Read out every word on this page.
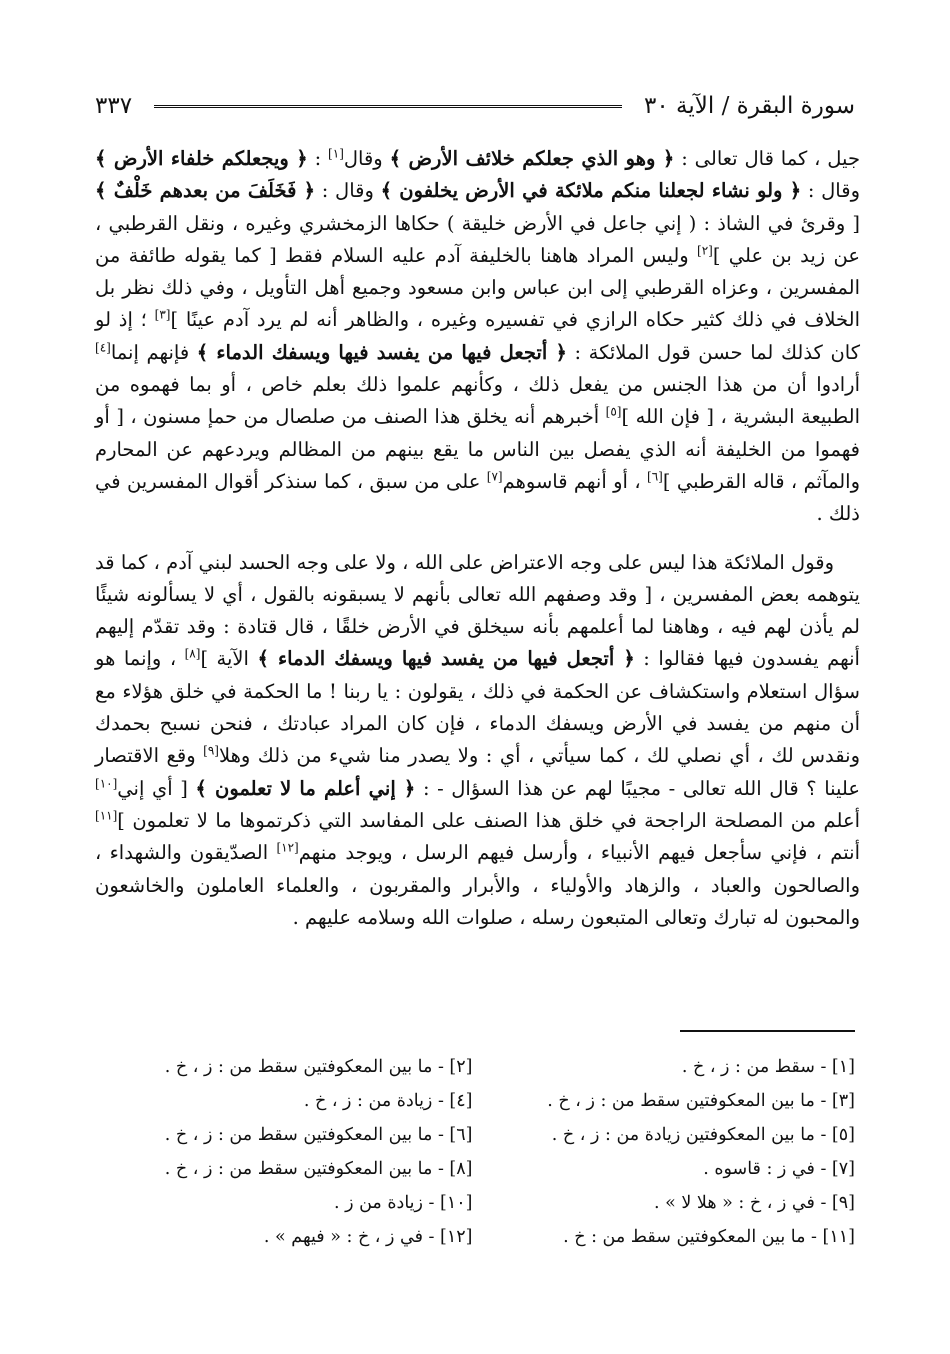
سورة البقرة / الآية ٣٠
٣٣٧

جيل ، كما قال تعالى : ﴿ وهو الذي جعلكم خلائف الأرض ﴾ وقال[١] : ﴿ ويجعلكم خلفاء الأرض ﴾ وقال : ﴿ ولو نشاء لجعلنا منكم ملائكة في الأرض يخلفون ﴾ وقال : ﴿ فَخَلَفَ من بعدهم خَلْفٌ ﴾ [ وقرئ في الشاذ : ( إني جاعل في الأرض خليقة ) حكاها الزمخشري وغيره ، ونقل القرطبي ، عن زيد بن علي ][٢] وليس المراد هاهنا بالخليفة آدم عليه السلام فقط [ كما يقوله طائفة من المفسرين ، وعزاه القرطبي إلى ابن عباس وابن مسعود وجميع أهل التأويل ، وفي ذلك نظر بل الخلاف في ذلك كثير حكاه الرازي في تفسيره وغيره ، والظاهر أنه لم يرد آدم عينًا ][٣] ؛ إذ لو كان كذلك لما حسن قول الملائكة : ﴿ أتجعل فيها من يفسد فيها ويسفك الدماء ﴾ فإنهم إنما[٤] أرادوا أن من هذا الجنس من يفعل ذلك ، وكأنهم علموا ذلك بعلم خاص ، أو بما فهموه من الطبيعة البشرية ، [ فإن الله ][٥] أخبرهم أنه يخلق هذا الصنف من صلصال من حمإ مسنون ، [ أو فهموا من الخليفة أنه الذي يفصل بين الناس ما يقع بينهم من المظالم ويردعهم عن المحارم والمآثم ، قاله القرطبي ][٦] ، أو أنهم قاسوهم[٧] على من سبق ، كما سنذكر أقوال المفسرين في ذلك .

وقول الملائكة هذا ليس على وجه الاعتراض على الله ، ولا على وجه الحسد لبني آدم ، كما قد يتوهمه بعض المفسرين ، [ وقد وصفهم الله تعالى بأنهم لا يسبقونه بالقول ، أي لا يسألونه شيئًا لم يأذن لهم فيه ، وهاهنا لما أعلمهم بأنه سيخلق في الأرض خلقًا ، قال قتادة : وقد تقدّم إليهم أنهم يفسدون فيها فقالوا : ﴿ أتجعل فيها من يفسد فيها ويسفك الدماء ﴾ الآية ][٨] ، وإنما هو سؤال استعلام واستكشاف عن الحكمة في ذلك ، يقولون : يا ربنا ! ما الحكمة في خلق هؤلاء مع أن منهم من يفسد في الأرض ويسفك الدماء ، فإن كان المراد عبادتك ، فنحن نسبح بحمدك ونقدس لك ، أي نصلي لك ، كما سيأتي ، أي : ولا يصدر منا شيء من ذلك وهلا[٩] وقع الاقتصار علينا ؟ قال الله تعالى - مجيبًا لهم عن هذا السؤال - : ﴿ إني أعلم ما لا تعلمون ﴾ [ أي إني[١٠] أعلم من المصلحة الراجحة في خلق هذا الصنف على المفاسد التي ذكرتموها ما لا تعلمون ][١١] أنتم ، فإني سأجعل فيهم الأنبياء ، وأرسل فيهم الرسل ، ويوجد منهم[١٢] الصدّيقون والشهداء ، والصالحون والعباد ، والزهاد والأولياء ، والأبرار والمقربون ، والعلماء العاملون والخاشعون والمحبون له تبارك وتعالى المتبعون رسله ، صلوات الله وسلامه عليهم .

[١] - سقط من : ز ، خ .
[٢] - ما بين المعكوفتين سقط من : ز ، خ .
[٣] - ما بين المعكوفتين سقط من : ز ، خ .
[٤] - زيادة من : ز ، خ .
[٥] - ما بين المعكوفتين زيادة من : ز ، خ .
[٦] - ما بين المعكوفتين سقط من : ز ، خ .
[٧] - في ز : قاسوه .
[٨] - ما بين المعكوفتين سقط من : ز ، خ .
[٩] - في ز ، خ : « هلا لا » .
[١٠] - زيادة من ز .
[١١] - ما بين المعكوفتين سقط من : خ .
[١٢] - في ز ، خ : « فيهم » .
